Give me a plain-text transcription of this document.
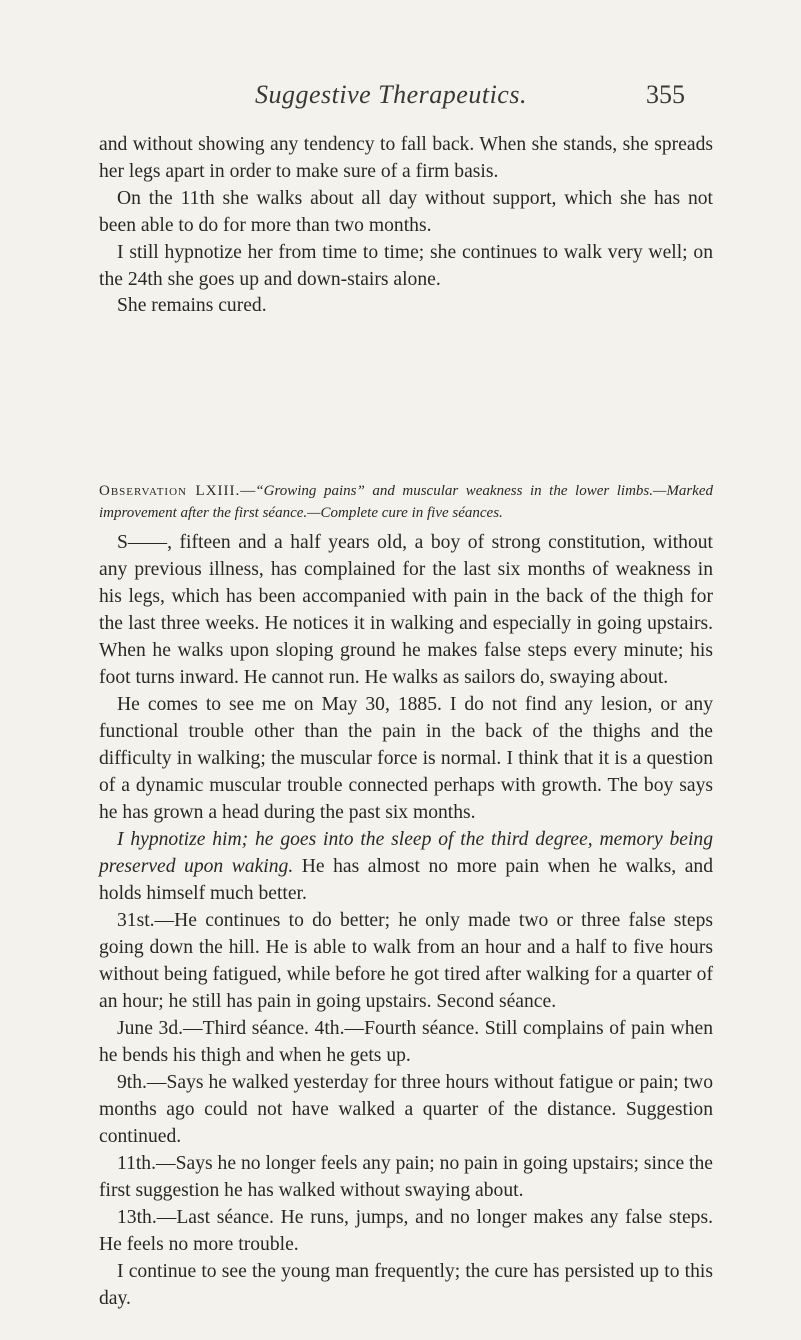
Suggestive Therapeutics.	355

and without showing any tendency to fall back. When she stands, she spreads her legs apart in order to make sure of a firm basis.

On the 11th she walks about all day without support, which she has not been able to do for more than two months.

I still hypnotize her from time to time; she continues to walk very well; on the 24th she goes up and down-stairs alone.

She remains cured.

Observation LXIII.—“Growing pains” and muscular weakness in the lower limbs.—Marked improvement after the first séance.—Complete cure in five séances.

S——, fifteen and a half years old, a boy of strong constitution, without any previous illness, has complained for the last six months of weakness in his legs, which has been accompanied with pain in the back of the thigh for the last three weeks. He notices it in walking and especially in going upstairs. When he walks upon sloping ground he makes false steps every minute; his foot turns inward. He cannot run. He walks as sailors do, swaying about.

He comes to see me on May 30, 1885. I do not find any lesion, or any functional trouble other than the pain in the back of the thighs and the difficulty in walking; the muscular force is normal. I think that it is a question of a dynamic muscular trouble connected perhaps with growth. The boy says he has grown a head during the past six months.

I hypnotize him; he goes into the sleep of the third degree, memory being preserved upon waking. He has almost no more pain when he walks, and holds himself much better.

31st.—He continues to do better; he only made two or three false steps going down the hill. He is able to walk from an hour and a half to five hours without being fatigued, while before he got tired after walking for a quarter of an hour; he still has pain in going upstairs. Second séance.

June 3d.—Third séance. 4th.—Fourth séance. Still complains of pain when he bends his thigh and when he gets up.

9th.—Says he walked yesterday for three hours without fatigue or pain; two months ago could not have walked a quarter of the distance. Suggestion continued.

11th.—Says he no longer feels any pain; no pain in going upstairs; since the first suggestion he has walked without swaying about.

13th.—Last séance. He runs, jumps, and no longer makes any false steps. He feels no more trouble.

I continue to see the young man frequently; the cure has persisted up to this day.
